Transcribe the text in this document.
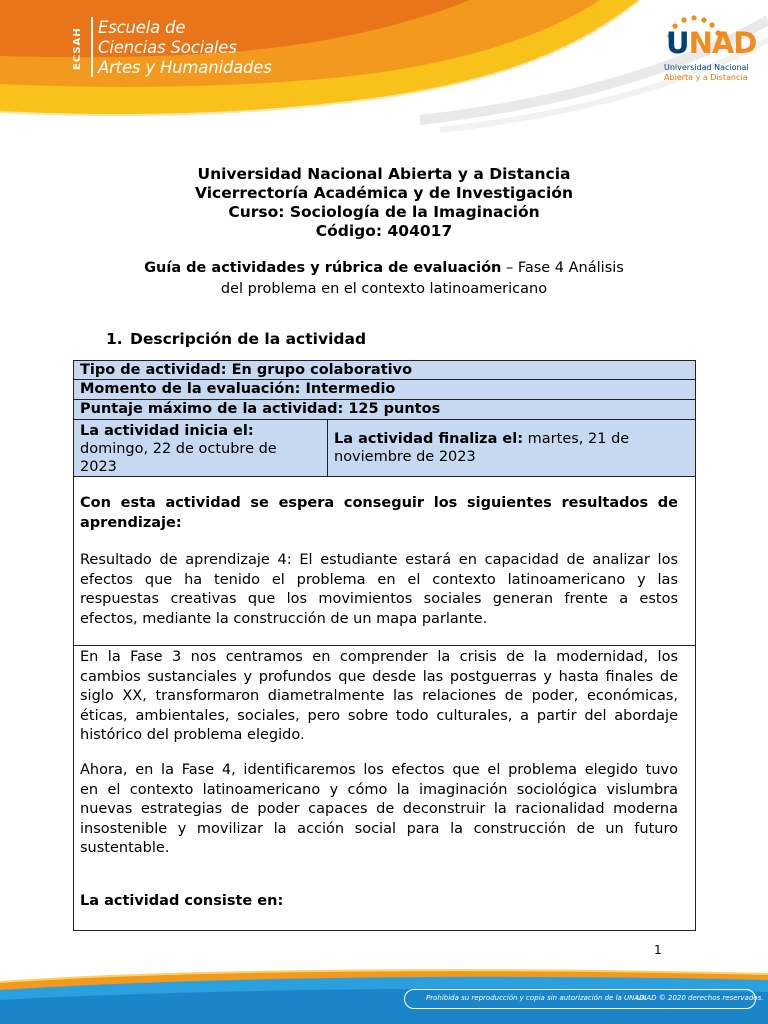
ECSAH
Escuela de
Ciencias Sociales
Artes y Humanidades
UNAD
Universidad Nacional
Abierta y a Distancia
Universidad Nacional Abierta y a Distancia
Vicerrectoría Académica y de Investigación
Curso: Sociología de la Imaginación
Código: 404017
Guía de actividades y rúbrica de evaluación – Fase 4 Análisis
del problema en el contexto latinoamericano
1. Descripción de la actividad
Tipo de actividad: En grupo colaborativo
Momento de la evaluación: Intermedio
Puntaje máximo de la actividad: 125 puntos
La actividad inicia el:
domingo, 22 de octubre de
2023
La actividad finaliza el: martes, 21 de
noviembre de 2023
Con esta actividad se espera conseguir los siguientes resultados de
aprendizaje:
Resultado de aprendizaje 4: El estudiante estará en capacidad de analizar los
efectos que ha tenido el problema en el contexto latinoamericano y las
respuestas creativas que los movimientos sociales generan frente a estos
efectos, mediante la construcción de un mapa parlante.
En la Fase 3 nos centramos en comprender la crisis de la modernidad, los
cambios sustanciales y profundos que desde las postguerras y hasta finales de
siglo XX, transformaron diametralmente las relaciones de poder, económicas,
éticas, ambientales, sociales, pero sobre todo culturales, a partir del abordaje
histórico del problema elegido.
Ahora, en la Fase 4, identificaremos los efectos que el problema elegido tuvo
en el contexto latinoamericano y cómo la imaginación sociológica vislumbra
nuevas estrategias de poder capaces de deconstruir la racionalidad moderna
insostenible y movilizar la acción social para la construcción de un futuro
sustentable.
La actividad consiste en:
1
Prohibida su reproducción y copia sin autorización de la UNAD.
UNAD © 2020 derechos reservados.
